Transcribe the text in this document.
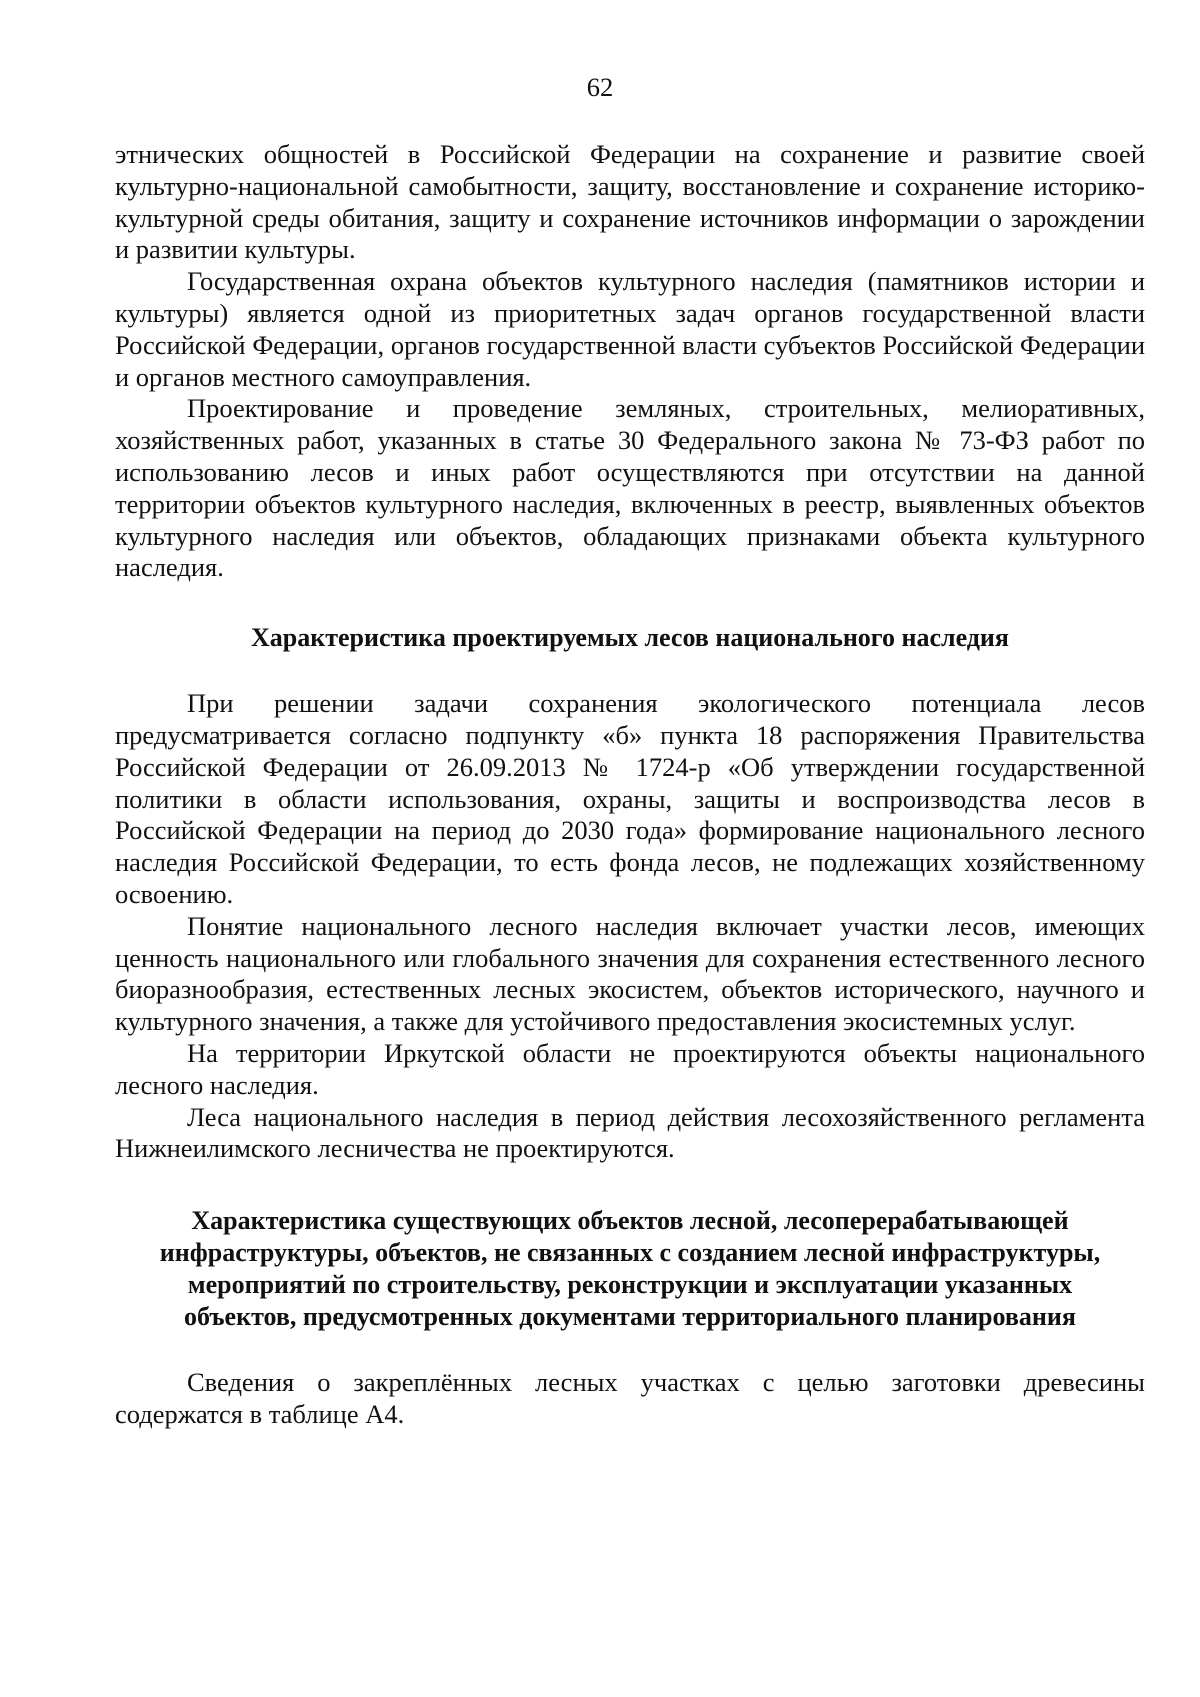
62

этнических общностей в Российской Федерации на сохранение и развитие своей культурно-национальной самобытности, защиту, восстановление и сохранение историко-культурной среды обитания, защиту и сохранение источников информации о зарождении и развитии культуры.

Государственная охрана объектов культурного наследия (памятников истории и культуры) является одной из приоритетных задач органов государственной власти Российской Федерации, органов государственной власти субъектов Российской Федерации и органов местного самоуправления.

Проектирование и проведение земляных, строительных, мелиоративных, хозяйственных работ, указанных в статье 30 Федерального закона № 73-ФЗ работ по использованию лесов и иных работ осуществляются при отсутствии на данной территории объектов культурного наследия, включенных в реестр, выявленных объектов культурного наследия или объектов, обладающих признаками объекта культурного наследия.

Характеристика проектируемых лесов национального наследия

При решении задачи сохранения экологического потенциала лесов предусматривается согласно подпункту «б» пункта 18 распоряжения Правительства Российской Федерации от 26.09.2013 № 1724-р «Об утверждении государственной политики в области использования, охраны, защиты и воспроизводства лесов в Российской Федерации на период до 2030 года» формирование национального лесного наследия Российской Федерации, то есть фонда лесов, не подлежащих хозяйственному освоению.

Понятие национального лесного наследия включает участки лесов, имеющих ценность национального или глобального значения для сохранения естественного лесного биоразнообразия, естественных лесных экосистем, объектов исторического, научного и культурного значения, а также для устойчивого предоставления экосистемных услуг.

На территории Иркутской области не проектируются объекты национального лесного наследия.

Леса национального наследия в период действия лесохозяйственного регламента Нижнеилимского лесничества не проектируются.

Характеристика существующих объектов лесной, лесоперерабатывающей
инфраструктуры, объектов, не связанных с созданием лесной инфраструктуры,
мероприятий по строительству, реконструкции и эксплуатации указанных
объектов, предусмотренных документами территориального планирования

Сведения о закреплённых лесных участках с целью заготовки древесины содержатся в таблице А4.
